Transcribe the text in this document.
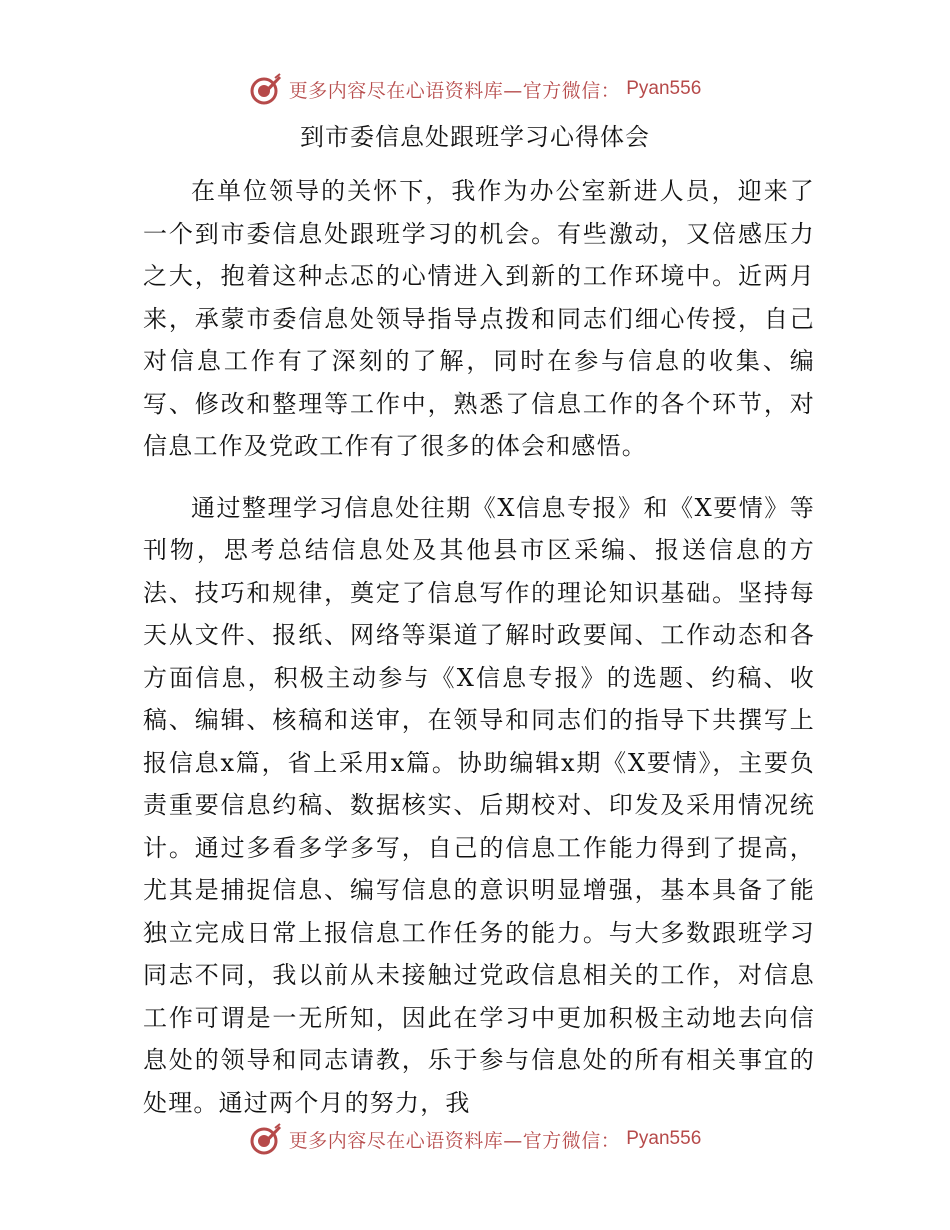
更多内容尽在心语资料库—官方微信： Pyan556
到市委信息处跟班学习心得体会

在单位领导的关怀下，我作为办公室新进人员，迎来了一个到市委信息处跟班学习的机会。有些激动，又倍感压力之大，抱着这种忐忑的心情进入到新的工作环境中。近两月来，承蒙市委信息处领导指导点拨和同志们细心传授，自己对信息工作有了深刻的了解，同时在参与信息的收集、编写、修改和整理等工作中，熟悉了信息工作的各个环节，对信息工作及党政工作有了很多的体会和感悟。

通过整理学习信息处往期《X信息专报》和《X要情》等刊物，思考总结信息处及其他县市区采编、报送信息的方法、技巧和规律，奠定了信息写作的理论知识基础。坚持每天从文件、报纸、网络等渠道了解时政要闻、工作动态和各方面信息，积极主动参与《X信息专报》的选题、约稿、收稿、编辑、核稿和送审，在领导和同志们的指导下共撰写上报信息x篇，省上采用x篇。协助编辑x期《X要情》，主要负责重要信息约稿、数据核实、后期校对、印发及采用情况统计。通过多看多学多写，自己的信息工作能力得到了提高，尤其是捕捉信息、编写信息的意识明显增强，基本具备了能独立完成日常上报信息工作任务的能力。与大多数跟班学习同志不同，我以前从未接触过党政信息相关的工作，对信息工作可谓是一无所知，因此在学习中更加积极主动地去向信息处的领导和同志请教，乐于参与信息处的所有相关事宜的处理。通过两个月的努力，我

更多内容尽在心语资料库—官方微信： Pyan556
